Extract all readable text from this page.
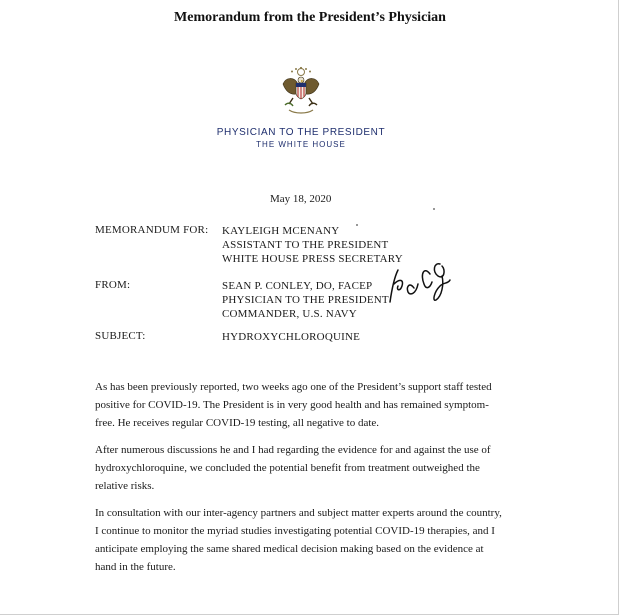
Memorandum from the President’s Physician
PHYSICIAN TO THE PRESIDENT
THE WHITE HOUSE
May 18, 2020
MEMORANDUM FOR: KAYLEIGH MCENANY
ASSISTANT TO THE PRESIDENT
WHITE HOUSE PRESS SECRETARY
FROM:	SEAN P. CONLEY, DO, FACEP
PHYSICIAN TO THE PRESIDENT
COMMANDER, U.S. NAVY
SUBJECT:	HYDROXYCHLOROQUINE

As has been previously reported, two weeks ago one of the President’s support staff tested positive for COVID-19. The President is in very good health and has remained symptom-free. He receives regular COVID-19 testing, all negative to date.

After numerous discussions he and I had regarding the evidence for and against the use of hydroxychloroquine, we concluded the potential benefit from treatment outweighed the relative risks.

In consultation with our inter-agency partners and subject matter experts around the country, I continue to monitor the myriad studies investigating potential COVID-19 therapies, and I anticipate employing the same shared medical decision making based on the evidence at hand in the future.
